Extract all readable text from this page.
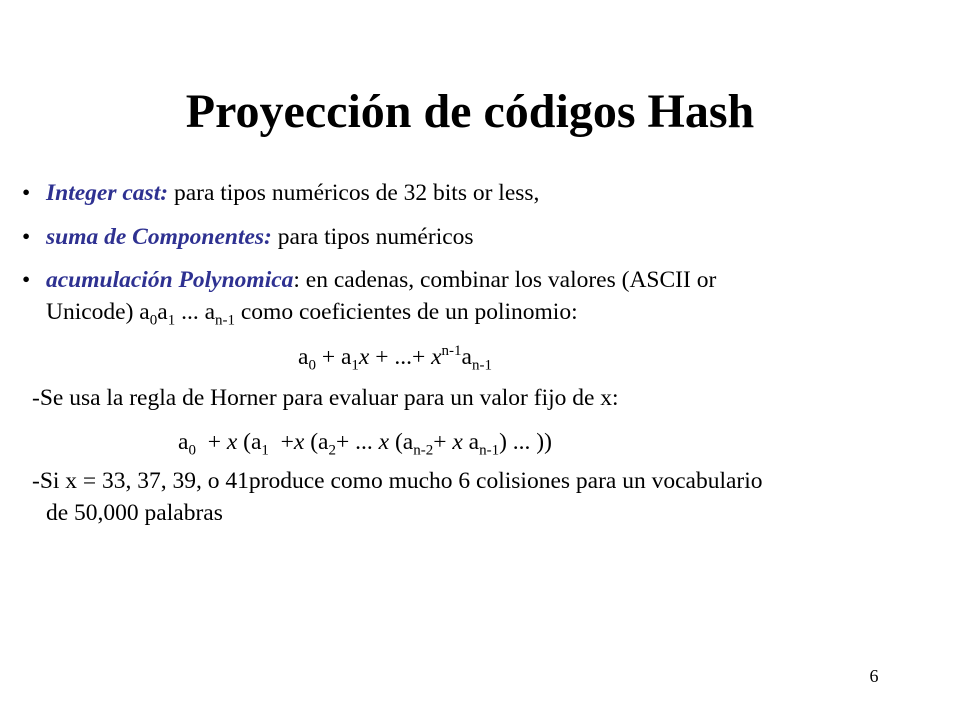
Proyección de códigos Hash
• Integer cast: para tipos numéricos de 32 bits or less,
• suma de Componentes: para tipos numéricos
• acumulación Polynomica: en cadenas, combinar los valores (ASCII or
Unicode) $a_0a_1$ ... $a_{n-1}$ como coeficientes de un polinomio:
$a_0 + a_1x$ + ...+ $x^{n-1}a_{n-1}$
-Se usa la regla de Horner para evaluar para un valor fijo de x:
$a_0 + x$ ($a_1 +x$ ($a_2+$ ... x ($a_{n-2}+ x$ $a_{n-1}$) ... ))
-Si x = 33, 37, 39, o 41produce como mucho 6 colisiones para un vocabulario
de 50,000 palabras
6
